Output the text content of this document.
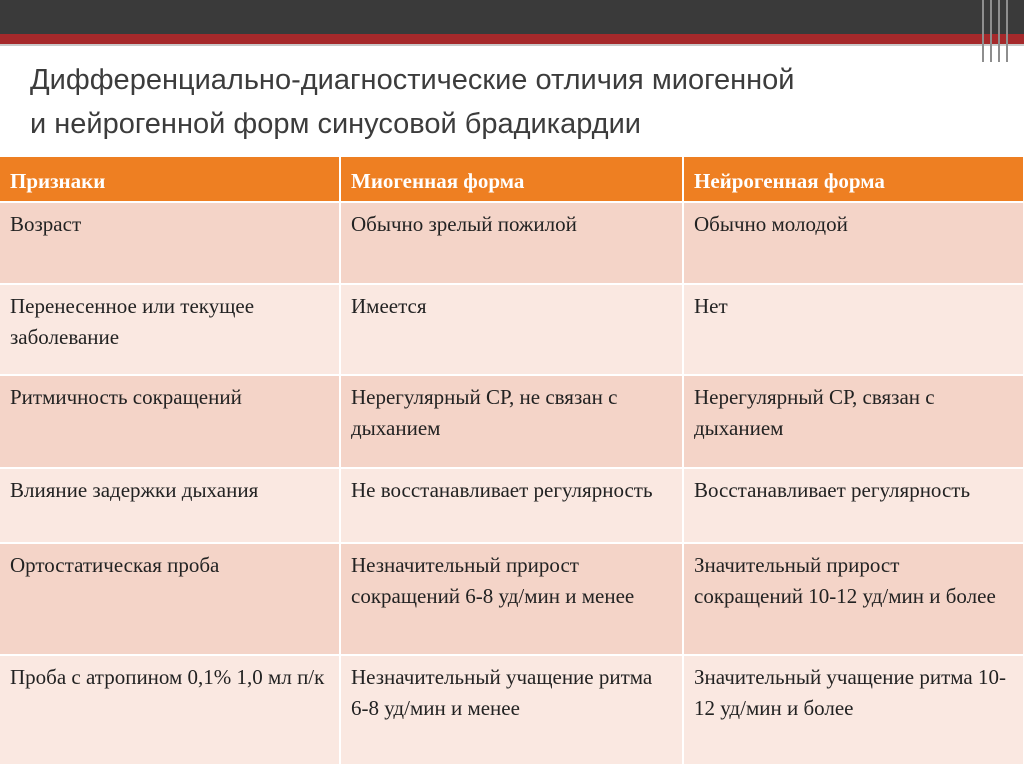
Дифференциально-диагностические отличия миогенной
и нейрогенной форм синусовой брадикардии
Признаки	Миогенная форма	Нейрогенная форма
Возраст	Обычно зрелый пожилой	Обычно молодой
Перенесенное или текущее заболевание	Имеется	Нет
Ритмичность сокращений	Нерегулярный СР, не связан с дыханием	Нерегулярный СР, связан с дыханием
Влияние задержки дыхания	Не восстанавливает регулярность	Восстанавливает регулярность
Ортостатическая проба	Незначительный прирост сокращений 6-8 уд/мин и менее	Значительный прирост сокращений 10-12 уд/мин и более
Проба с атропином 0,1% 1,0 мл п/к	Незначительный учащение ритма 6-8 уд/мин и менее	Значительный учащение ритма 10-12 уд/мин и более
